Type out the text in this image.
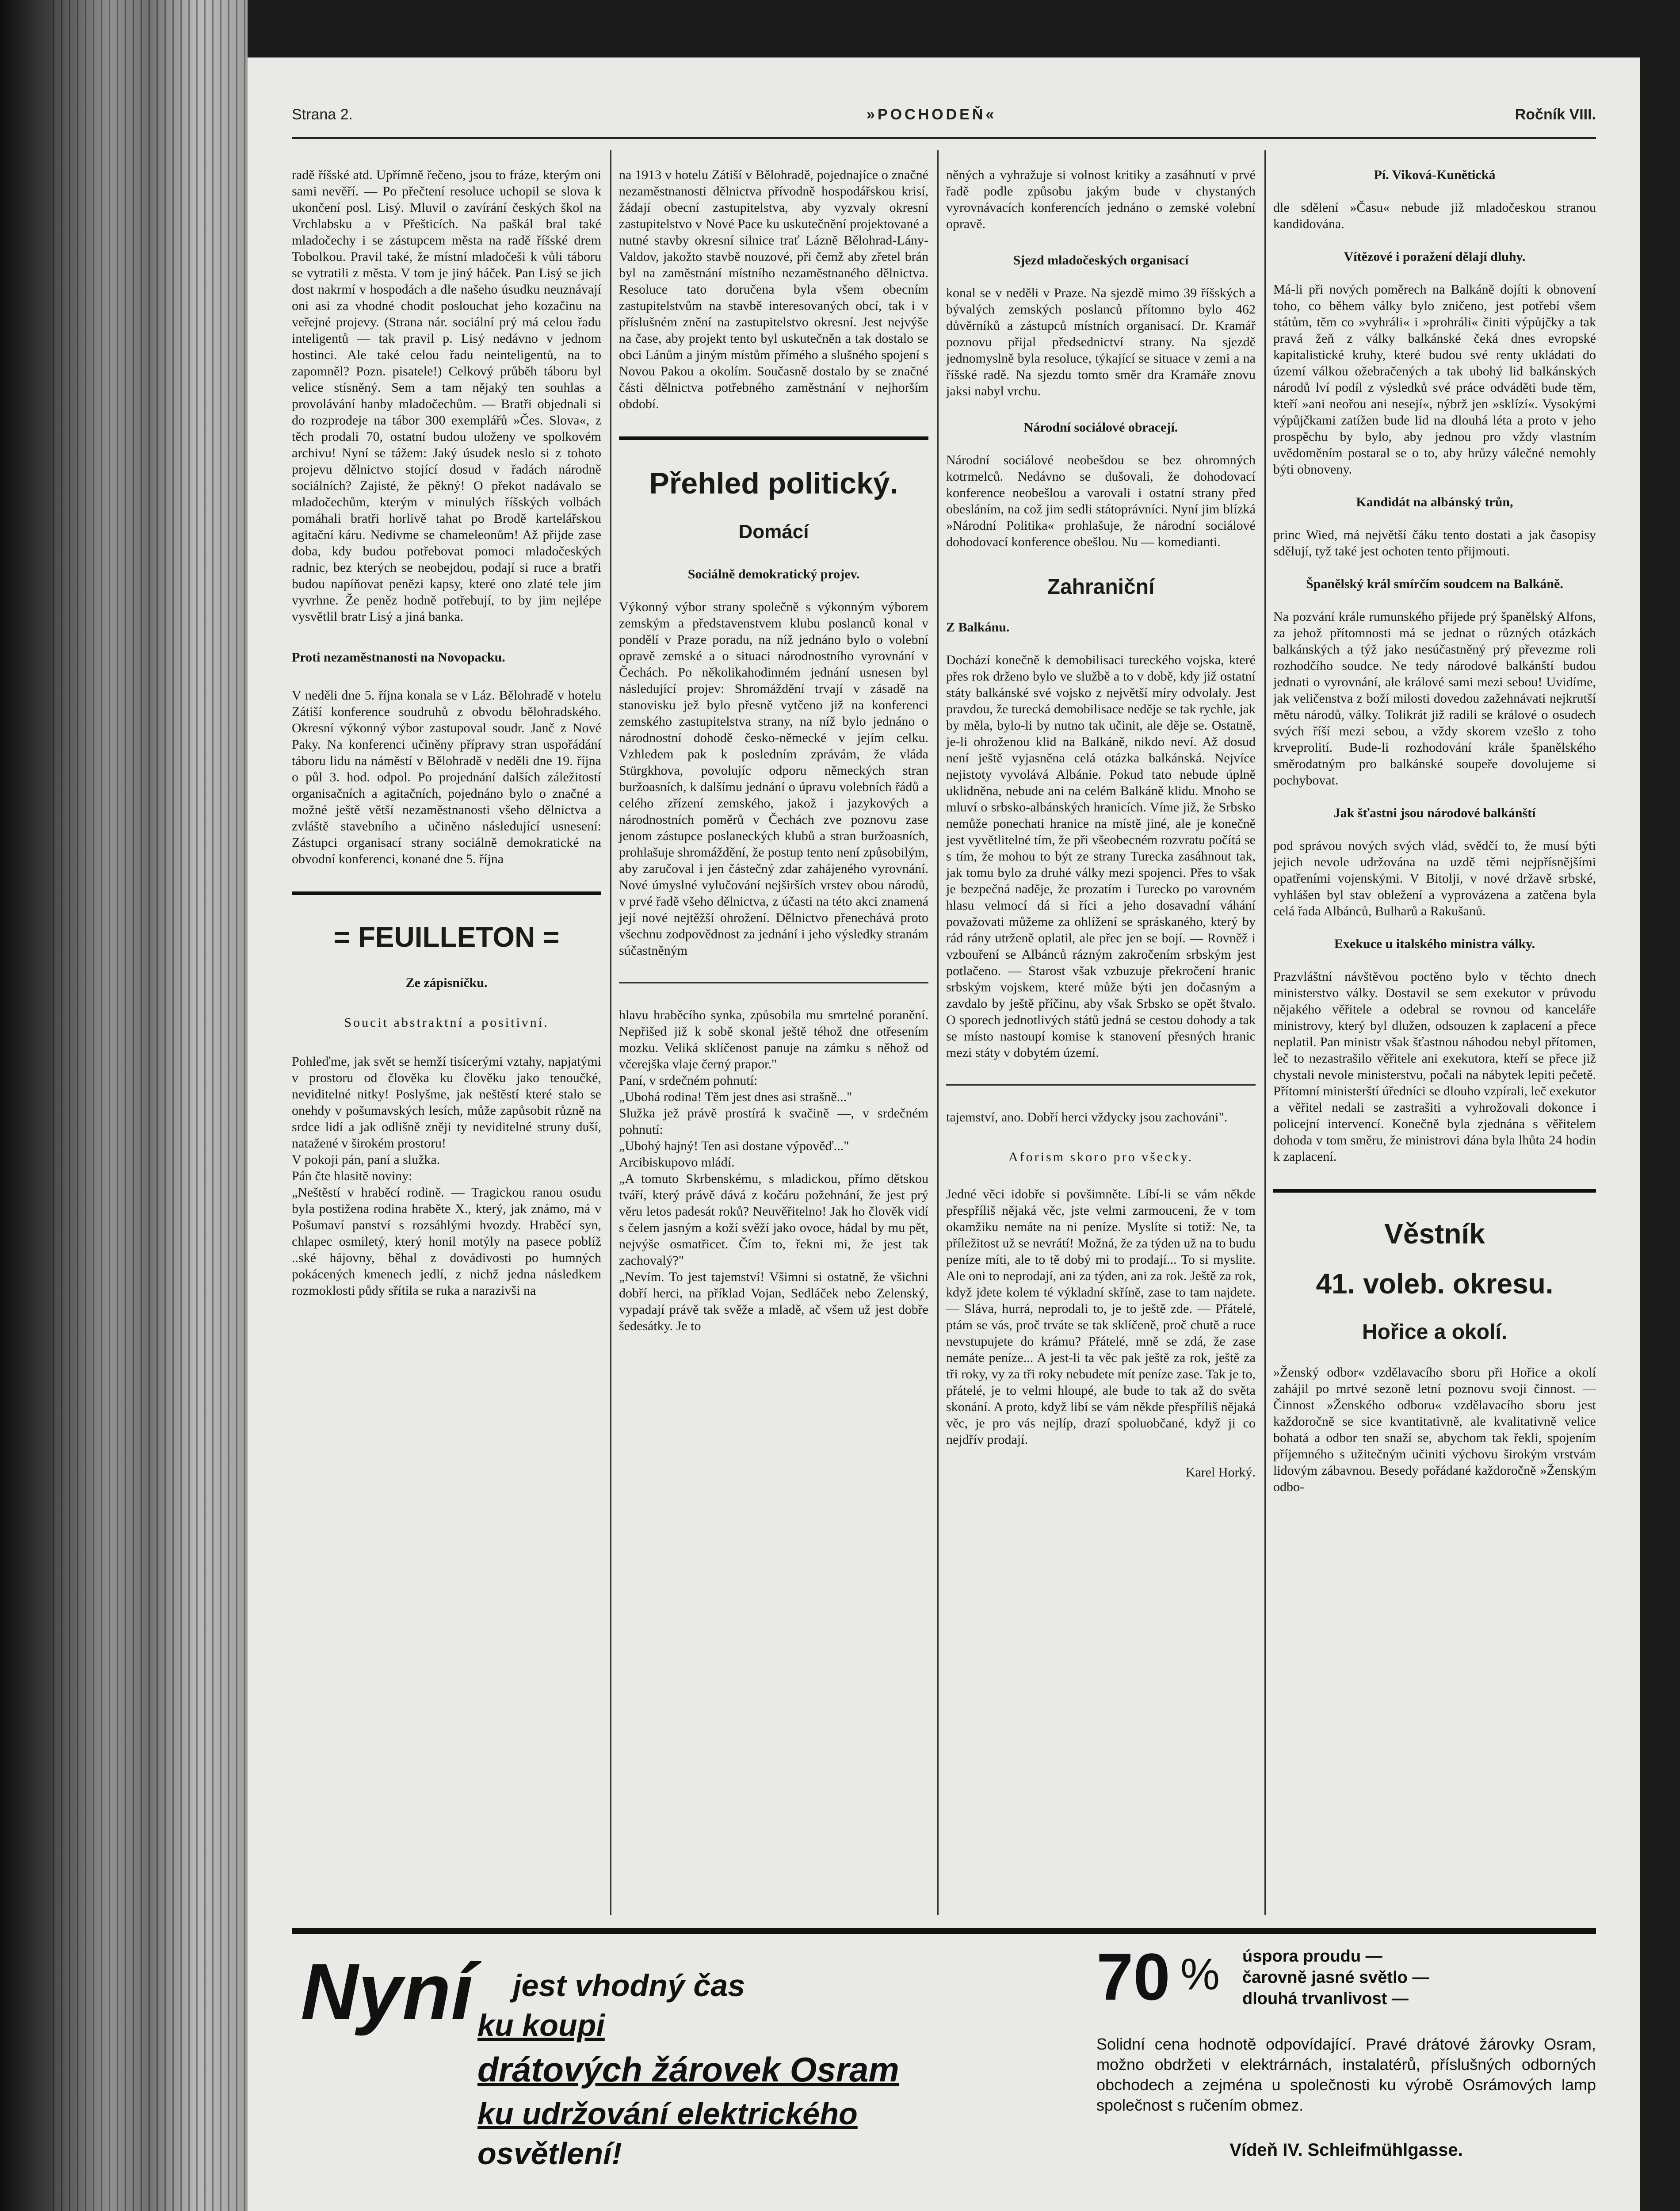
Strana 2.	»POCHODEŇ«	Ročník VIII.

radě říšské atd. Upřímně řečeno, jsou to fráze, kterým oni sami nevěří. — Po přečtení resoluce uchopil se slova k ukončení posl. Lisý. Mluvil o zavírání českých škol na Vrchlabsku a v Přešticích. Na paškál bral také mladočechy i se zástupcem města na radě říšské drem Tobolkou. Pravil také, že místní mladočeši k vůli táboru se vytratili z města. V tom je jiný háček. Pan Lisý se jich dost nakrmí v hospodách a dle našeho úsudku neuznávají oni asi za vhodné chodit poslouchat jeho kozačinu na veřejné projevy. (Strana nár. sociální prý má celou řadu inteligentů — tak pravil p. Lisý nedávno v jednom hostinci. Ale také celou řadu neinteligentů, na to zapomněl? Pozn. pisatele!) Celkový průběh táboru byl velice stísněný. Sem a tam nějaký ten souhlas a provolávání hanby mladočechům. — Bratři objednali si do rozprodeje na tábor 300 exemplářů »Čes. Slova«, z těch prodali 70, ostatní budou uloženy ve spolkovém archivu! Nyní se tážem: Jaký úsudek neslo si z tohoto projevu dělnictvo stojící dosud v řadách národně sociálních? Zajisté, že pěkný! O překot nadávalo se mladočechům, kterým v minulých říšských volbách pomáhali bratři horlivě tahat po Brodě kartelářskou agitační káru. Nedivme se chameleonům! Až přijde zase doba, kdy budou potřebovat pomoci mladočeských radnic, bez kterých se neobejdou, podají si ruce a bratři budou napíňovat penězi kapsy, které ono zlaté tele jim vyvrhne. Že peněz hodně potřebují, to by jim nejlépe vysvětlil bratr Lisý a jiná banka.

Proti nezaměstnanosti na Novopacku.

V neděli dne 5. října konala se v Láz. Bělohradě v hotelu Zátiší konference soudruhů z obvodu bělohradského. Okresní výkonný výbor zastupoval soudr. Janč z Nové Paky. Na konferenci učiněny přípravy stran uspořádání táboru lidu na náměstí v Bělohradě v neděli dne 19. října o půl 3. hod. odpol. Po projednání dalších záležitostí organisačních a agitačních, pojednáno bylo o značné a možné ještě větší nezaměstnanosti všeho dělnictva a zvláště stavebního a učiněno následující usnesení: Zástupci organisací strany sociálně demokratické na obvodní konferenci, konané dne 5. října

= FEUILLETON =

Ze zápisníčku.

Soucit abstraktní a positivní.

Pohleďme, jak svět se hemží tisícerými vztahy, napjatými v prostoru od člověka ku člověku jako tenoučké, neviditelné nitky! Poslyšme, jak neštěstí které stalo se onehdy v pošumavských lesích, může zapůsobit různě na srdce lidí a jak odlišně zněji ty neviditelné struny duší, natažené v širokém prostoru!
V pokoji pán, paní a služka.
Pán čte hlasitě noviny:
„Neštěstí v hraběcí rodině. — Tragickou ranou osudu byla postižena rodina hraběte X., který, jak známo, má v Pošumaví panství s rozsáhlými hvozdy. Hraběcí syn, chlapec osmiletý, který honil motýly na pasece poblíž ..ské hájovny, běhal z dovádivosti po humných pokácených kmenech jedlí, z nichž jedna následkem rozmoklosti půdy sřítila se ruka a narazivši na

na 1913 v hotelu Zátiší v Bělohradě, pojednajíce o značné nezaměstnanosti dělnictva přívodně hospodářskou krisí, žádají obecní zastupitelstva, aby vyzvaly okresní zastupitelstvo v Nové Pace ku uskutečnění projektované a nutné stavby okresní silnice trať Lázně Bělohrad-Lány-Valdov, jakožto stavbě nouzové, při čemž aby zřetel brán byl na zaměstnání místního nezaměstnaného dělnictva. Resoluce tato doručena byla všem obecním zastupitelstvům na stavbě interesovaných obcí, tak i v příslušném znění na zastupitelstvo okresní. Jest nejvýše na čase, aby projekt tento byl uskutečněn a tak dostalo se obci Lánům a jiným místům přímého a slušného spojení s Novou Pakou a okolím. Současně dostalo by se značné části dělnictva potřebného zaměstnání v nejhorším období.

Přehled politický.

Domácí

Sociálně demokratický projev.

Výkonný výbor strany společně s výkonným výborem zemským a představenstvem klubu poslanců konal v pondělí v Praze poradu, na níž jednáno bylo o volební opravě zemské a o situaci národnostního vyrovnání v Čechách. Po několikahodinném jednání usnesen byl následující projev: Shromáždění trvají v zásadě na stanovisku jež bylo přesně vytčeno již na konferenci zemského zastupitelstva strany, na níž bylo jednáno o národnostní dohodě česko-německé v jejím celku. Vzhledem pak k posledním zprávám, že vláda Stürgkhova, povolujíc odporu německých stran buržoasních, k dalšímu jednání o úpravu volebních řádů a celého zřízení zemského, jakož i jazykových a národnostních poměrů v Čechách zve poznovu zase jenom zástupce poslaneckých klubů a stran buržoasních, prohlašuje shromáždění, že postup tento není způsobilým, aby zaručoval i jen částečný zdar zahájeného vyrovnání. Nové úmyslné vylučování nejširších vrstev obou národů, v prvé řadě všeho dělnictva, z účasti na této akci znamená její nové nejtěžší ohrožení. Dělnictvo přenechává proto všechnu zodpovědnost za jednání i jeho výsledky stranám súčastněným

hlavu hraběcího synka, způsobila mu smrtelné poranění. Nepřišed již k sobě skonal ještě téhož dne otřesením mozku. Veliká sklíčenost panuje na zámku s něhož od včerejška vlaje černý prapor."
Paní, v srdečném pohnutí:
„Ubohá rodina! Těm jest dnes asi strašně..."
Služka jež právě prostírá k svačině —, v srdečném pohnutí:
„Ubohý hajný! Ten asi dostane výpověď..."
Arcibiskupovo mládí.
„A tomuto Skrbenskému, s mladickou, přímo dětskou tváří, který právě dává z kočáru požehnání, že jest prý věru letos padesát roků? Neuvěřitelno! Jak ho člověk vidí s čelem jasným a koží svěží jako ovoce, hádal by mu pět, nejvýše osmatřicet. Čím to, řekni mi, že jest tak zachovalý?"
„Nevím. To jest tajemství! Všimni si ostatně, že všichni dobří herci, na příklad Vojan, Sedláček nebo Zelenský, vypadají právě tak svěže a mladě, ač všem už jest dobře šedesátky. Je to

něných a vyhražuje si volnost kritiky a zasáhnutí v prvé řadě podle způsobu jakým bude v chystaných vyrovnávacích konferencích jednáno o zemské volební opravě.

Sjezd mladočeských organisací

konal se v neděli v Praze. Na sjezdě mimo 39 říšských a bývalých zemských poslanců přítomno bylo 462 důvěrníků a zástupců místních organisací. Dr. Kramář poznovu přijal předsednictví strany. Na sjezdě jednomyslně byla resoluce, týkající se situace v zemi a na říšské radě. Na sjezdu tomto směr dra Kramáře znovu jaksi nabyl vrchu.

Národní sociálové obracejí.

Národní sociálové neobešdou se bez ohromných kotrmelců. Nedávno se dušovali, že dohodovací konference neobešlou a varovali i ostatní strany před obesláním, na což jim sedli státoprávníci. Nyní jim blízká »Národní Politika« prohlašuje, že národní sociálové dohodovací konference obešlou. Nu — komedianti.

Zahraniční

Z Balkánu.

Dochází konečně k demobilisaci tureckého vojska, které přes rok drženo bylo ve službě a to v době, kdy již ostatní státy balkánské své vojsko z největší míry odvolaly. Jest pravdou, že turecká demobilisace neděje se tak rychle, jak by měla, bylo-li by nutno tak učinit, ale děje se. Ostatně, je-li ohroženou klid na Balkáně, nikdo neví. Až dosud není ještě vyjasněna celá otázka balkánská. Nejvíce nejistoty vyvolává Albánie. Pokud tato nebude úplně uklidněna, nebude ani na celém Balkáně klidu. Mnoho se mluví o srbsko-albánských hranicích. Víme již, že Srbsko nemůže ponechati hranice na místě jiné, ale je konečně jest vyvětlitelné tím, že při všeobecném rozvratu počítá se s tím, že mohou to být ze strany Turecka zasáhnout tak, jak tomu bylo za druhé války mezi spojenci. Přes to však je bezpečná naděje, že prozatím i Turecko po varovném hlasu velmocí dá si říci a jeho dosavadní váhání považovati můžeme za ohlížení se spráskaného, který by rád rány utrženě oplatil, ale přec jen se bojí. — Rovněž i vzbouření se Albánců rázným zakročením srbským jest potlačeno. — Starost však vzbuzuje překročení hranic srbským vojskem, které může býti jen dočasným a zavdalo by ještě příčinu, aby však Srbsko se opět štvalo. O sporech jednotlivých států jedná se cestou dohody a tak se místo nastoupí komise k stanovení přesných hranic mezi státy v dobytém území.

tajemství, ano. Dobří herci vždycky jsou zachováni".

Aforism skoro pro všecky.

Jedné věci idobře si povšimněte. Líbí-li se vám někde přespříliš nějaká věc, jste velmi zarmouceni, že v tom okamžiku nemáte na ni peníze. Myslíte si totiž: Ne, ta příležitost už se nevrátí! Možná, že za týden už na to budu peníze míti, ale to tě dobý mi to prodají... To si myslite. Ale oni to neprodají, ani za týden, ani za rok. Ještě za rok, když jdete kolem té výkladní skříně, zase to tam najdete. — Sláva, hurrá, neprodali to, je to ještě zde. — Přátelé, ptám se vás, proč trváte se tak sklíčeně, proč chutě a ruce nevstupujete do krámu? Přátelé, mně se zdá, že zase nemáte peníze... A jest-li ta věc pak ještě za rok, ještě za tři roky, vy za tři roky nebudete mít peníze zase. Tak je to, přátelé, je to velmi hloupé, ale bude to tak až do světa skonání. A proto, když libí se vám někde přespříliš nějaká věc, je pro vás nejlíp, drazí spoluobčané, když ji co nejdřív prodají.

Karel Horký.

Pí. Viková-Kunětická

dle sdělení »Času« nebude již mladočeskou stranou kandidována.

Vítězové i poražení dělají dluhy.

Má-li při nových poměrech na Balkáně dojíti k obnovení toho, co během války bylo zničeno, jest potřebí všem státům, těm co »vyhráli« i »prohráli« činiti výpůjčky a tak pravá žeň z války balkánské čeká dnes evropské kapitalistické kruhy, které budou své renty ukládati do území válkou ožebračených a tak ubohý lid balkánských národů lví podíl z výsledků své práce odváděti bude těm, kteří »ani neořou ani nesejí«, nýbrž jen »sklízí«. Vysokými výpůjčkami zatížen bude lid na dlouhá léta a proto v jeho prospěchu by bylo, aby jednou pro vždy vlastním uvědoměním postaral se o to, aby hrůzy válečné nemohly býti obnoveny.

Kandidát na albánský trůn,

princ Wied, má největší čáku tento dostati a jak časopisy sdělují, tyž také jest ochoten tento přijmouti.

Španělský král smírčím soudcem na Balkáně.

Na pozvání krále rumunského přijede prý španělský Alfons, za jehož přítomnosti má se jednat o různých otázkách balkánských a týž jako nesúčastněný prý převezme roli rozhodčího soudce. Ne tedy národové balkánští budou jednati o vyrovnání, ale králové sami mezi sebou! Uvidíme, jak veličenstva z boží milosti dovedou zažehnávati nejkrutší mětu národů, války. Tolikrát již radili se králové o osudech svých říší mezi sebou, a vždy skorem vzešlo z toho krveprolití. Bude-li rozhodování krále španělského směrodatným pro balkánské soupeře dovolujeme si pochybovat.

Jak šťastni jsou národové balkánští

pod správou nových svých vlád, svědčí to, že musí býti jejich nevole udržována na uzdě těmi nejpřísnějšími opatřeními vojenskými. V Bitolji, v nové državě srbské, vyhlášen byl stav obležení a vyprovázena a zatčena byla celá řada Albánců, Bulharů a Rakušanů.

Exekuce u italského ministra války.

Prazvláštní návštěvou poctěno bylo v těchto dnech ministerstvo války. Dostavil se sem exekutor v průvodu nějakého věřitele a odebral se rovnou od kanceláře ministrovy, který byl dlužen, odsouzen k zaplacení a přece neplatil. Pan ministr však šťastnou náhodou nebyl přítomen, leč to nezastrašilo věřitele ani exekutora, kteří se přece již chystali nevole ministerstvu, počali na nábytek lepiti pečetě. Přítomní ministerští úředníci se dlouho vzpírali, leč exekutor a věřitel nedali se zastrašiti a vyhrožovali dokonce i policejní intervencí. Konečně byla zjednána s věřitelem dohoda v tom směru, že ministrovi dána byla lhůta 24 hodin k zaplacení.

Věstník

41. voleb. okresu.

Hořice a okolí.

»Ženský odbor« vzdělavacího sboru při Hořice a okolí zahájil po mrtvé sezoně letní poznovu svoji činnost. — Činnost »Ženského odboru« vzdělavacího sboru jest každoročně se sice kvantitativně, ale kvalitativně velice bohatá a odbor ten snaží se, abychom tak řekli, spojením příjemného s užitečným učiniti výchovu širokým vrstvám lidovým zábavnou. Besedy pořádané každoročně »Ženským odbo-

Nyní jest vhodný čas
ku koupi
drátových žárovek Osram
ku udržování elektrického
osvětlení!
70 % úspora proudu —
čarovně jasné světlo —
dlouhá trvanlivost —
Solidní cena hodnotě odpovídající. Pravé drátové žárovky Osram, možno obdržeti v elektrárnách, instalatérů, příslušných odborných obchodech a zejména u společnosti ku výrobě Osrámových lamp společnost s ručením obmez.
Vídeň IV. Schleifmühlgasse.
